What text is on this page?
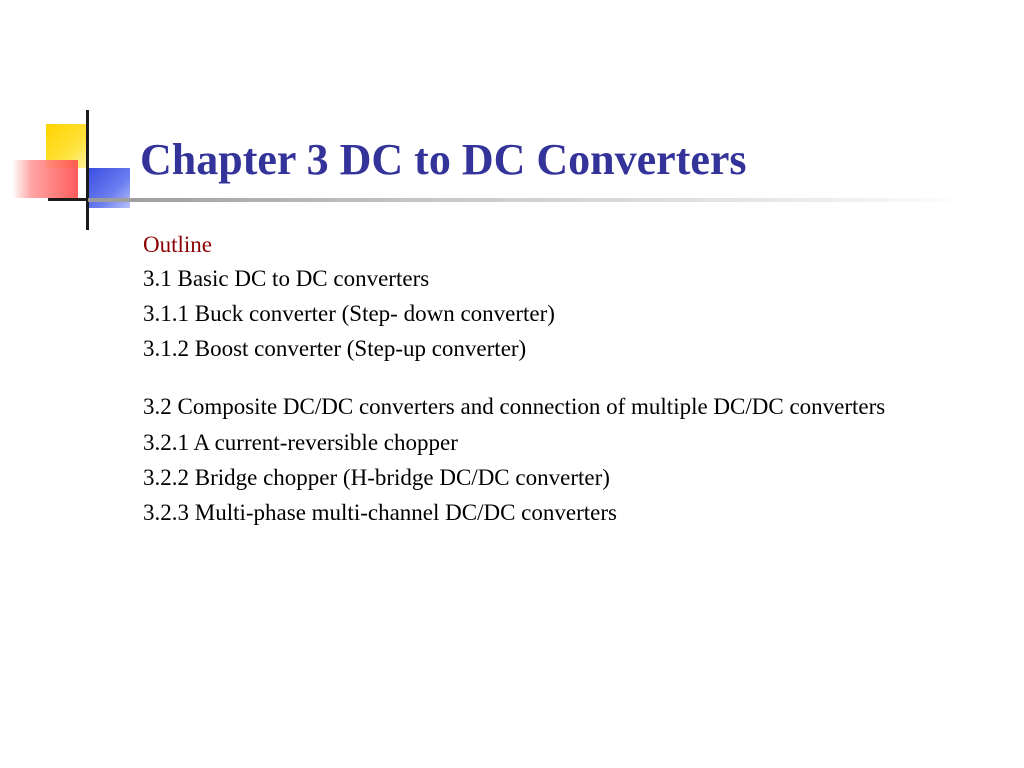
Chapter 3 DC to DC Converters

Outline

3.1 Basic DC to DC converters

3.1.1 Buck converter (Step- down converter)

3.1.2 Boost converter (Step-up converter)

3.2 Composite DC/DC converters and connection of multiple DC/DC converters

3.2.1 A current-reversible chopper

3.2.2 Bridge chopper (H-bridge DC/DC converter)

3.2.3 Multi-phase multi-channel DC/DC converters
